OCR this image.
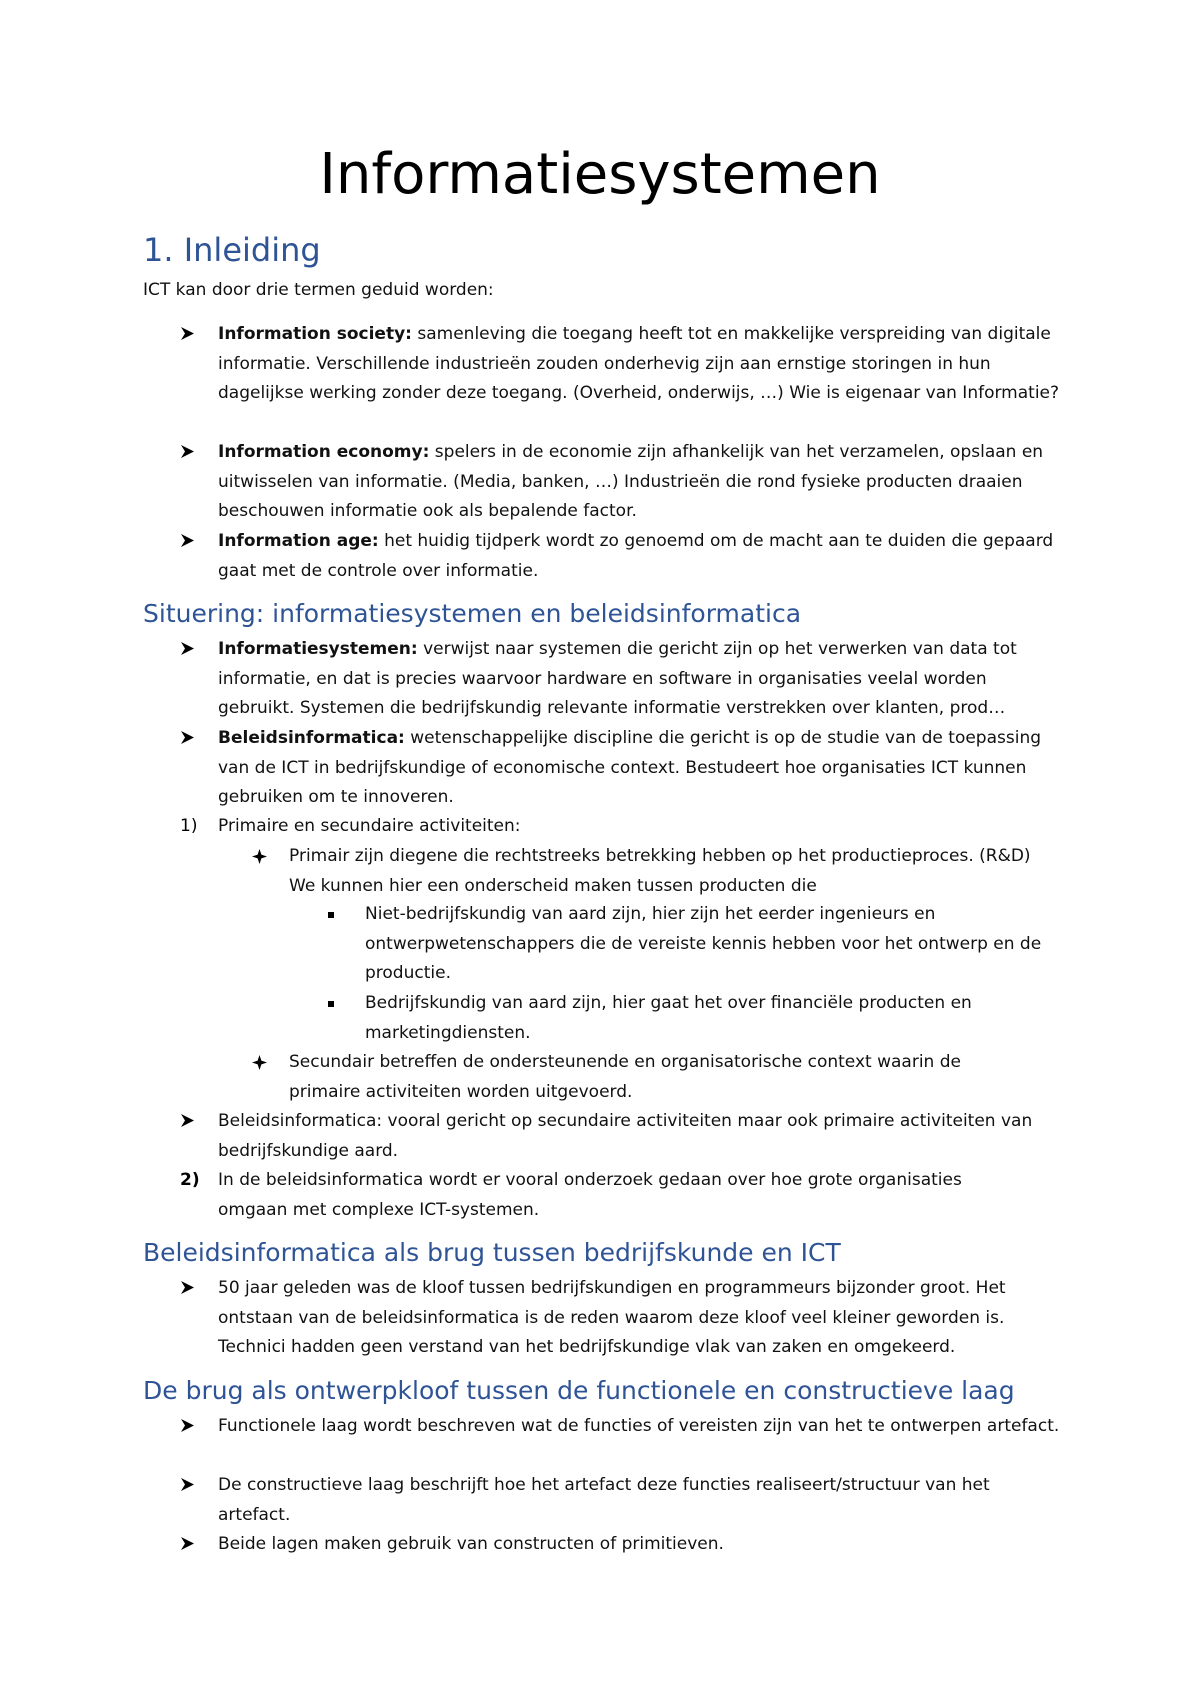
Informatiesystemen
1. Inleiding

ICT kan door drie termen geduid worden:

Information society: samenleving die toegang heeft tot en makkelijke verspreiding van digitale informatie. Verschillende industrieën zouden onderhevig zijn aan ernstige storingen in hun dagelijkse werking zonder deze toegang. (Overheid, onderwijs, …) Wie is eigenaar van Informatie?

Information economy: spelers in de economie zijn afhankelijk van het verzamelen, opslaan en uitwisselen van informatie. (Media, banken, …) Industrieën die rond fysieke producten draaien beschouwen informatie ook als bepalende factor.

Information age: het huidig tijdperk wordt zo genoemd om de macht aan te duiden die gepaard gaat met de controle over informatie.

Situering: informatiesystemen en beleidsinformatica

Informatiesystemen: verwijst naar systemen die gericht zijn op het verwerken van data tot informatie, en dat is precies waarvoor hardware en software in organisaties veelal worden gebruikt. Systemen die bedrijfskundig relevante informatie verstrekken over klanten, prod…

Beleidsinformatica: wetenschappelijke discipline die gericht is op de studie van de toepassing van de ICT in bedrijfskundige of economische context. Bestudeert hoe organisaties ICT kunnen gebruiken om te innoveren.

1) Primaire en secundaire activiteiten:

Primair zijn diegene die rechtstreeks betrekking hebben op het productieproces. (R&D) We kunnen hier een onderscheid maken tussen producten die

Niet-bedrijfskundig van aard zijn, hier zijn het eerder ingenieurs en ontwerpwetenschappers die de vereiste kennis hebben voor het ontwerp en de productie.

Bedrijfskundig van aard zijn, hier gaat het over financiële producten en marketingdiensten.

Secundair betreffen de ondersteunende en organisatorische context waarin de primaire activiteiten worden uitgevoerd.

Beleidsinformatica: vooral gericht op secundaire activiteiten maar ook primaire activiteiten van bedrijfskundige aard.

2) In de beleidsinformatica wordt er vooral onderzoek gedaan over hoe grote organisaties omgaan met complexe ICT-systemen.

Beleidsinformatica als brug tussen bedrijfskunde en ICT

50 jaar geleden was de kloof tussen bedrijfskundigen en programmeurs bijzonder groot. Het ontstaan van de beleidsinformatica is de reden waarom deze kloof veel kleiner geworden is. Technici hadden geen verstand van het bedrijfskundige vlak van zaken en omgekeerd.

De brug als ontwerpkloof tussen de functionele en constructieve laag

Functionele laag wordt beschreven wat de functies of vereisten zijn van het te ontwerpen artefact.

De constructieve laag beschrijft hoe het artefact deze functies realiseert/structuur van het artefact.

Beide lagen maken gebruik van constructen of primitieven.
